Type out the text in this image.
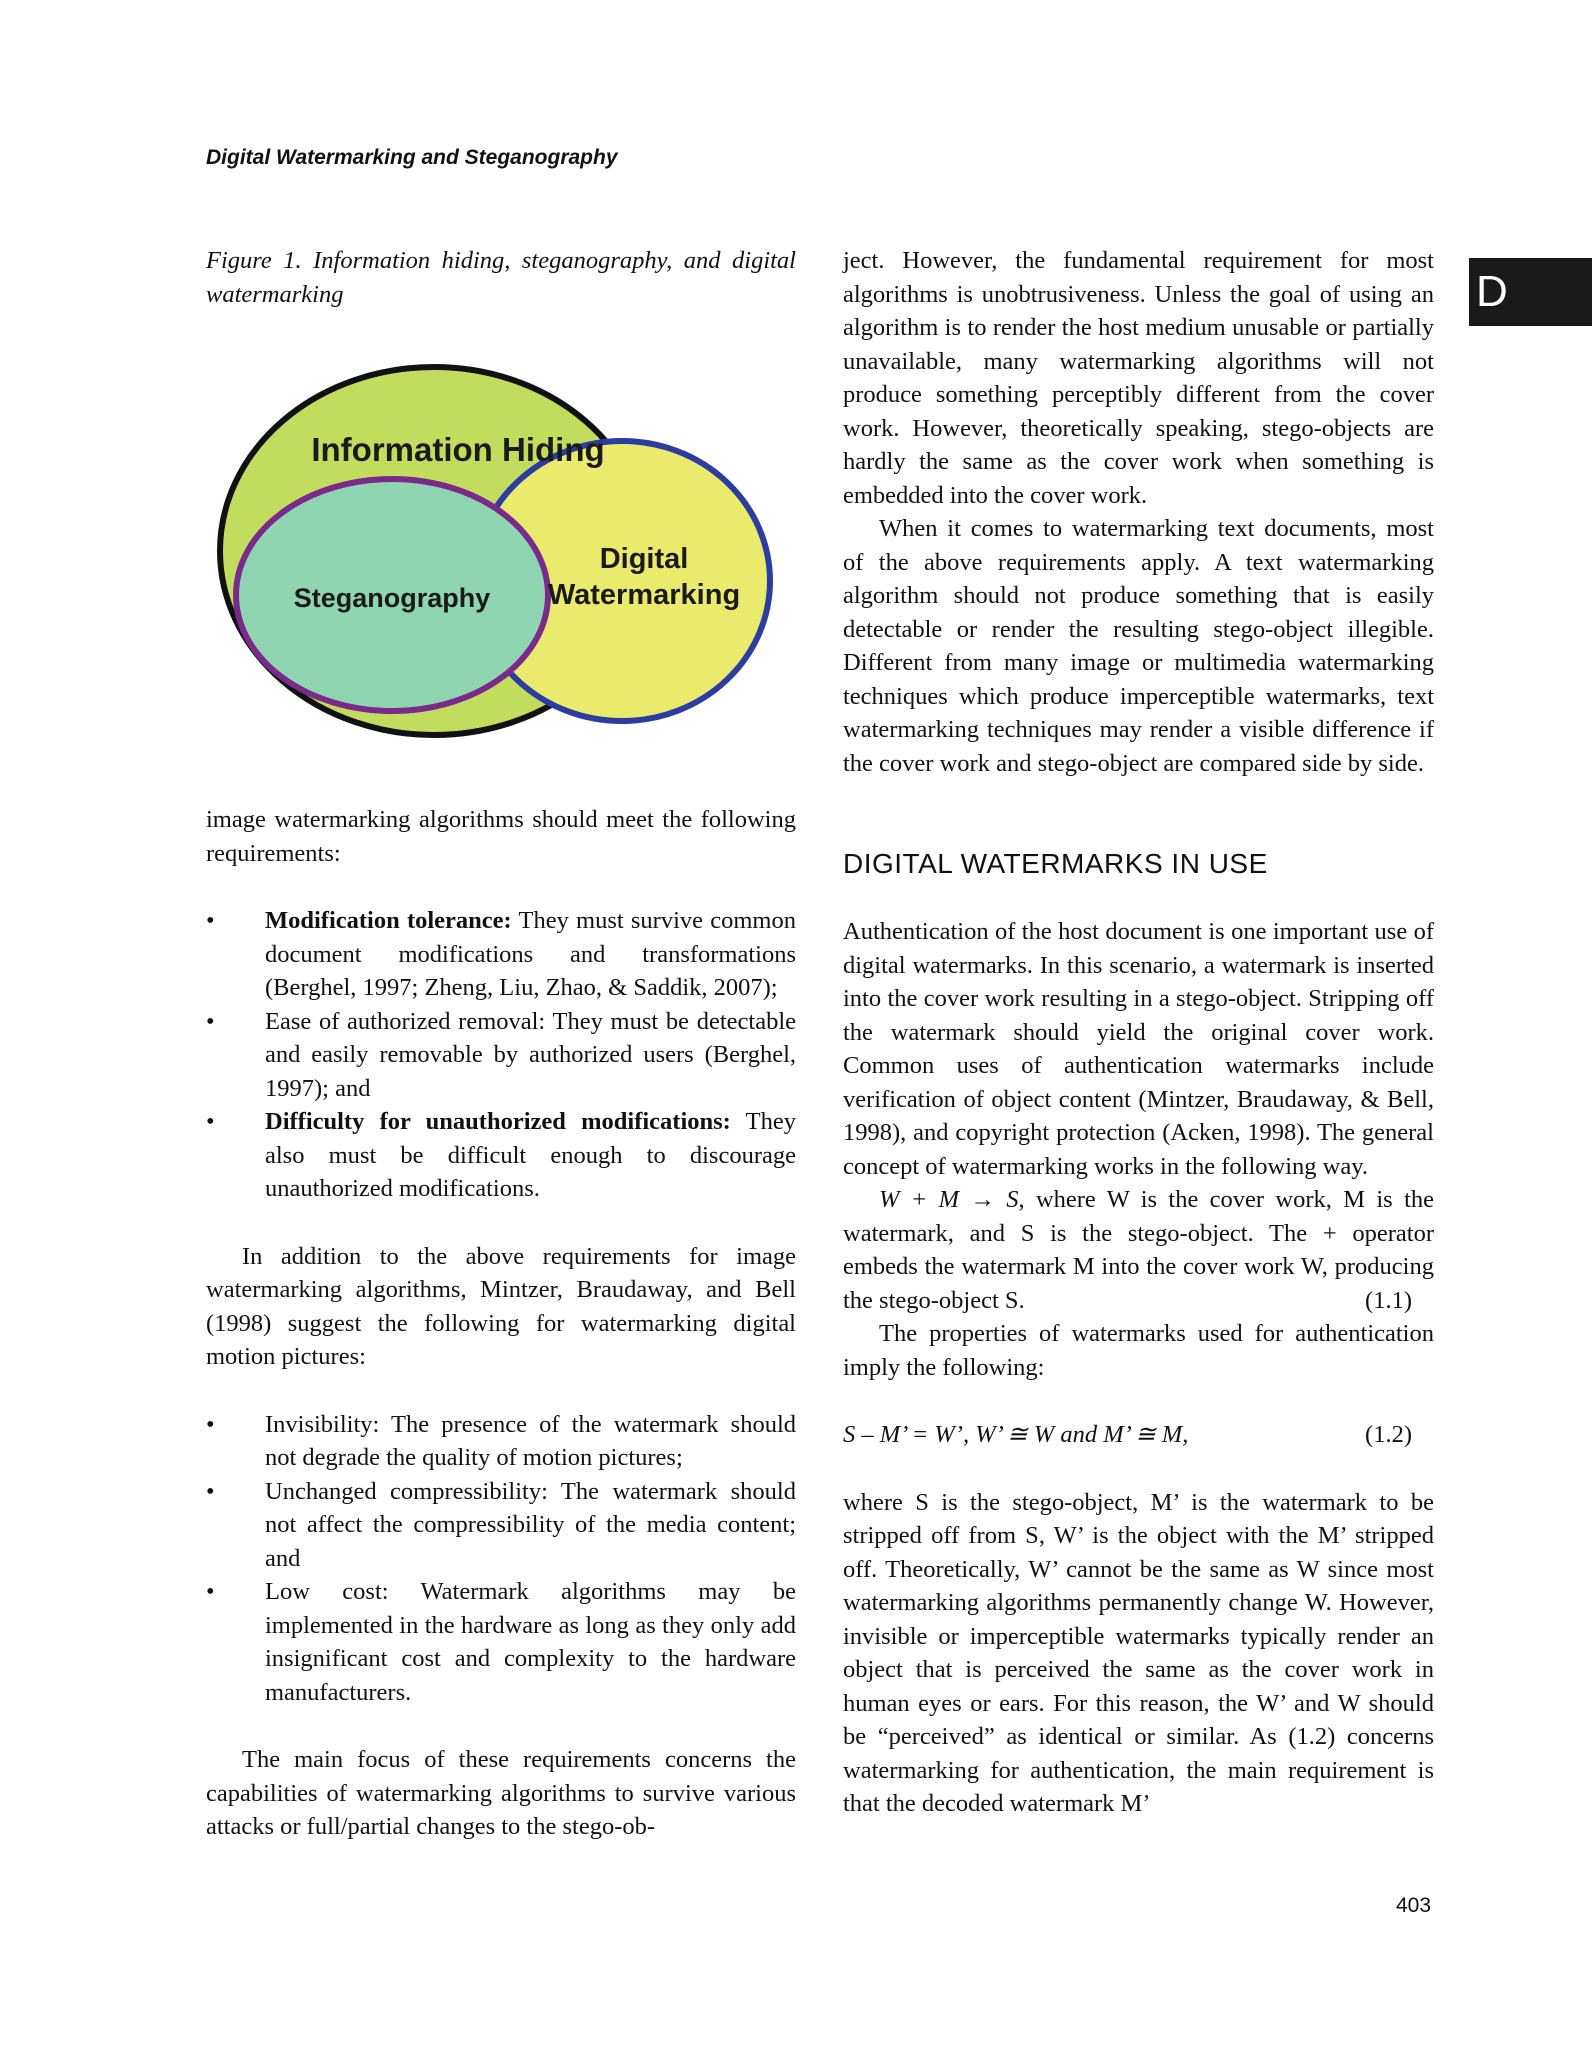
Digital Watermarking and Steganography
D

Figure 1. Information hiding, steganography, and digital watermarking

Information Hiding
Steganography
Digital
Watermarking

image watermarking algorithms should meet the following requirements:

• Modification tolerance: They must survive common document modifications and transformations (Berghel, 1997; Zheng, Liu, Zhao, & Saddik, 2007);
• Ease of authorized removal: They must be detectable and easily removable by authorized users (Berghel, 1997); and
• Difficulty for unauthorized modifications: They also must be difficult enough to discourage unauthorized modifications.

In addition to the above requirements for image watermarking algorithms, Mintzer, Braudaway, and Bell (1998) suggest the following for watermarking digital motion pictures:

• Invisibility: The presence of the watermark should not degrade the quality of motion pictures;
• Unchanged compressibility: The watermark should not affect the compressibility of the media content; and
• Low cost: Watermark algorithms may be implemented in the hardware as long as they only add insignificant cost and complexity to the hardware manufacturers.

The main focus of these requirements concerns the capabilities of watermarking algorithms to survive various attacks or full/partial changes to the stego-ob-

ject. However, the fundamental requirement for most algorithms is unobtrusiveness. Unless the goal of using an algorithm is to render the host medium unusable or partially unavailable, many watermarking algorithms will not produce something perceptibly different from the cover work. However, theoretically speaking, stego-objects are hardly the same as the cover work when something is embedded into the cover work.

When it comes to watermarking text documents, most of the above requirements apply. A text watermarking algorithm should not produce something that is easily detectable or render the resulting stego-object illegible. Different from many image or multimedia watermarking techniques which produce imperceptible watermarks, text watermarking techniques may render a visible difference if the cover work and stego-object are compared side by side.

DIGITAL WATERMARKS IN USE

Authentication of the host document is one important use of digital watermarks. In this scenario, a watermark is inserted into the cover work resulting in a stego-object. Stripping off the watermark should yield the original cover work. Common uses of authentication watermarks include verification of object content (Mintzer, Braudaway, & Bell, 1998), and copyright protection (Acken, 1998). The general concept of watermarking works in the following way.

W + M → S, where W is the cover work, M is the watermark, and S is the stego-object. The + operator embeds the watermark M into the cover work W, producing the stego-object S.	(1.1)

The properties of watermarks used for authentication imply the following:

S – M’ = W’, W’ ≅ W and M’ ≅ M,	(1.2)

where S is the stego-object, M’ is the watermark to be stripped off from S, W’ is the object with the M’ stripped off. Theoretically, W’ cannot be the same as W since most watermarking algorithms permanently change W. However, invisible or imperceptible watermarks typically render an object that is perceived the same as the cover work in human eyes or ears. For this reason, the W’ and W should be “perceived” as identical or similar. As (1.2) concerns watermarking for authentication, the main requirement is that the decoded watermark M’

403
